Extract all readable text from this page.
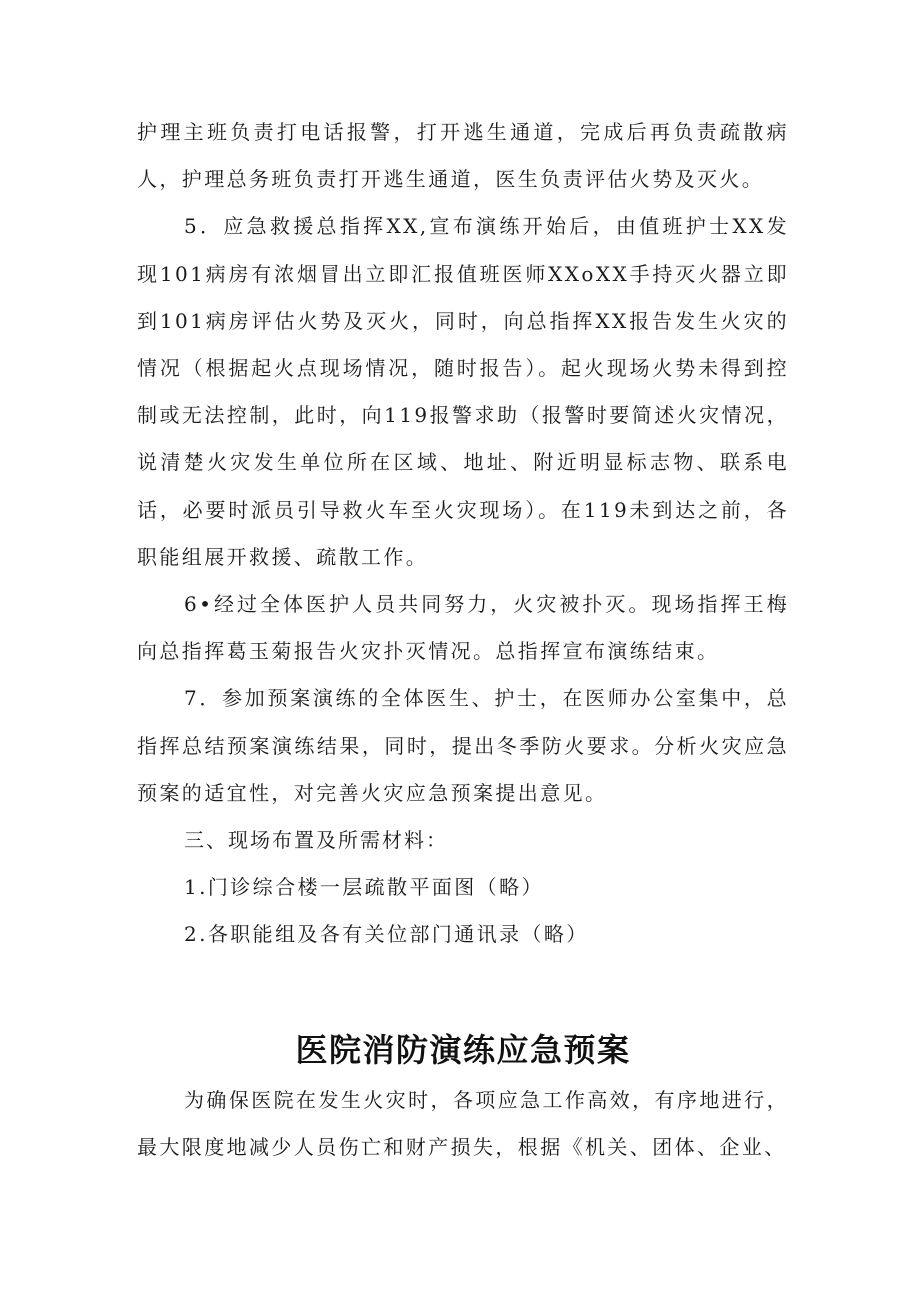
护理主班负责打电话报警，打开逃生通道，完成后再负责疏散病人，护理总务班负责打开逃生通道，医生负责评估火势及灭火。

5．应急救援总指挥XX,宣布演练开始后，由值班护士XX发现101病房有浓烟冒出立即汇报值班医师XXoXX手持灭火器立即到101病房评估火势及灭火，同时，向总指挥XX报告发生火灾的情况（根据起火点现场情况，随时报告）。起火现场火势未得到控制或无法控制，此时，向119报警求助（报警时要简述火灾情况，说清楚火灾发生单位所在区域、地址、附近明显标志物、联系电话，必要时派员引导救火车至火灾现场）。在119未到达之前，各职能组展开救援、疏散工作。

6•经过全体医护人员共同努力，火灾被扑灭。现场指挥王梅向总指挥葛玉菊报告火灾扑灭情况。总指挥宣布演练结束。

7．参加预案演练的全体医生、护士，在医师办公室集中，总指挥总结预案演练结果，同时，提出冬季防火要求。分析火灾应急预案的适宜性，对完善火灾应急预案提出意见。

三、现场布置及所需材料：

1.门诊综合楼一层疏散平面图（略）

2.各职能组及各有关位部门通讯录（略）

医院消防演练应急预案

为确保医院在发生火灾时，各项应急工作高效，有序地进行，最大限度地减少人员伤亡和财产损失，根据《机关、团体、企业、
